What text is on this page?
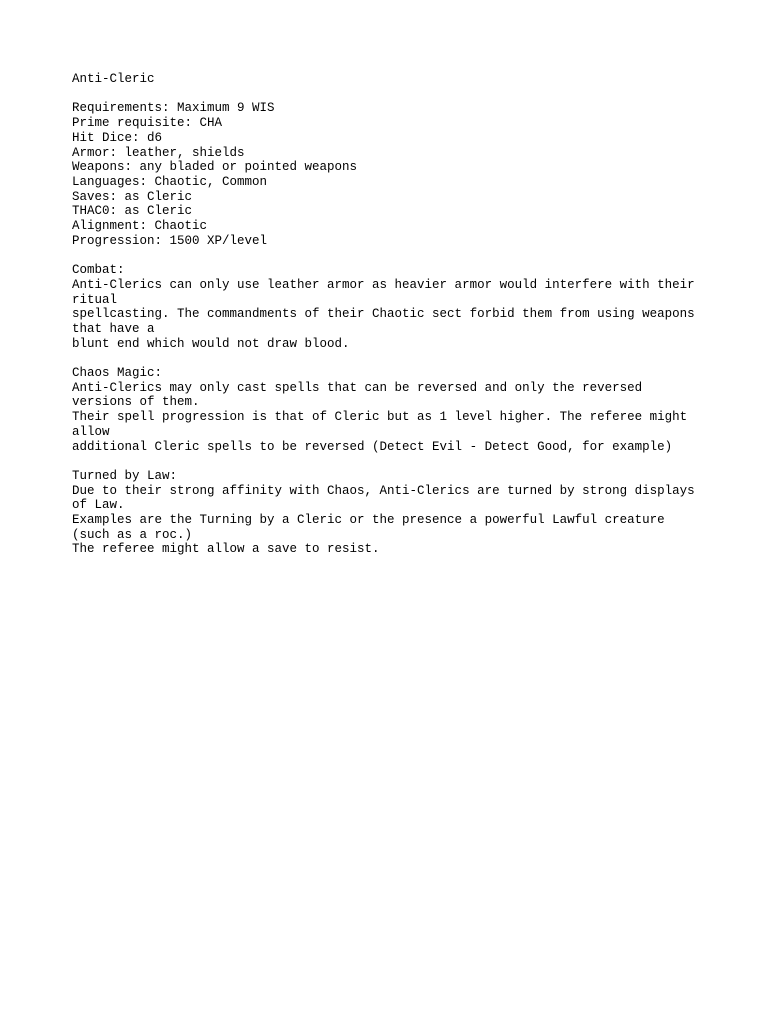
Anti-Cleric
Requirements: Maximum 9 WIS
Prime requisite: CHA
Hit Dice: d6
Armor: leather, shields
Weapons: any bladed or pointed weapons
Languages: Chaotic, Common
Saves: as Cleric
THAC0: as Cleric
Alignment: Chaotic
Progression: 1500 XP/level
Combat:
Anti-Clerics can only use leather armor as heavier armor would interfere with their
ritual
spellcasting. The commandments of their Chaotic sect forbid them from using weapons
that have a
blunt end which would not draw blood.
Chaos Magic:
Anti-Clerics may only cast spells that can be reversed and only the reversed
versions of them.
Their spell progression is that of Cleric but as 1 level higher. The referee might
allow
additional Cleric spells to be reversed (Detect Evil - Detect Good, for example)
Turned by Law:
Due to their strong affinity with Chaos, Anti-Clerics are turned by strong displays
of Law.
Examples are the Turning by a Cleric or the presence a powerful Lawful creature
(such as a roc.)
The referee might allow a save to resist.
